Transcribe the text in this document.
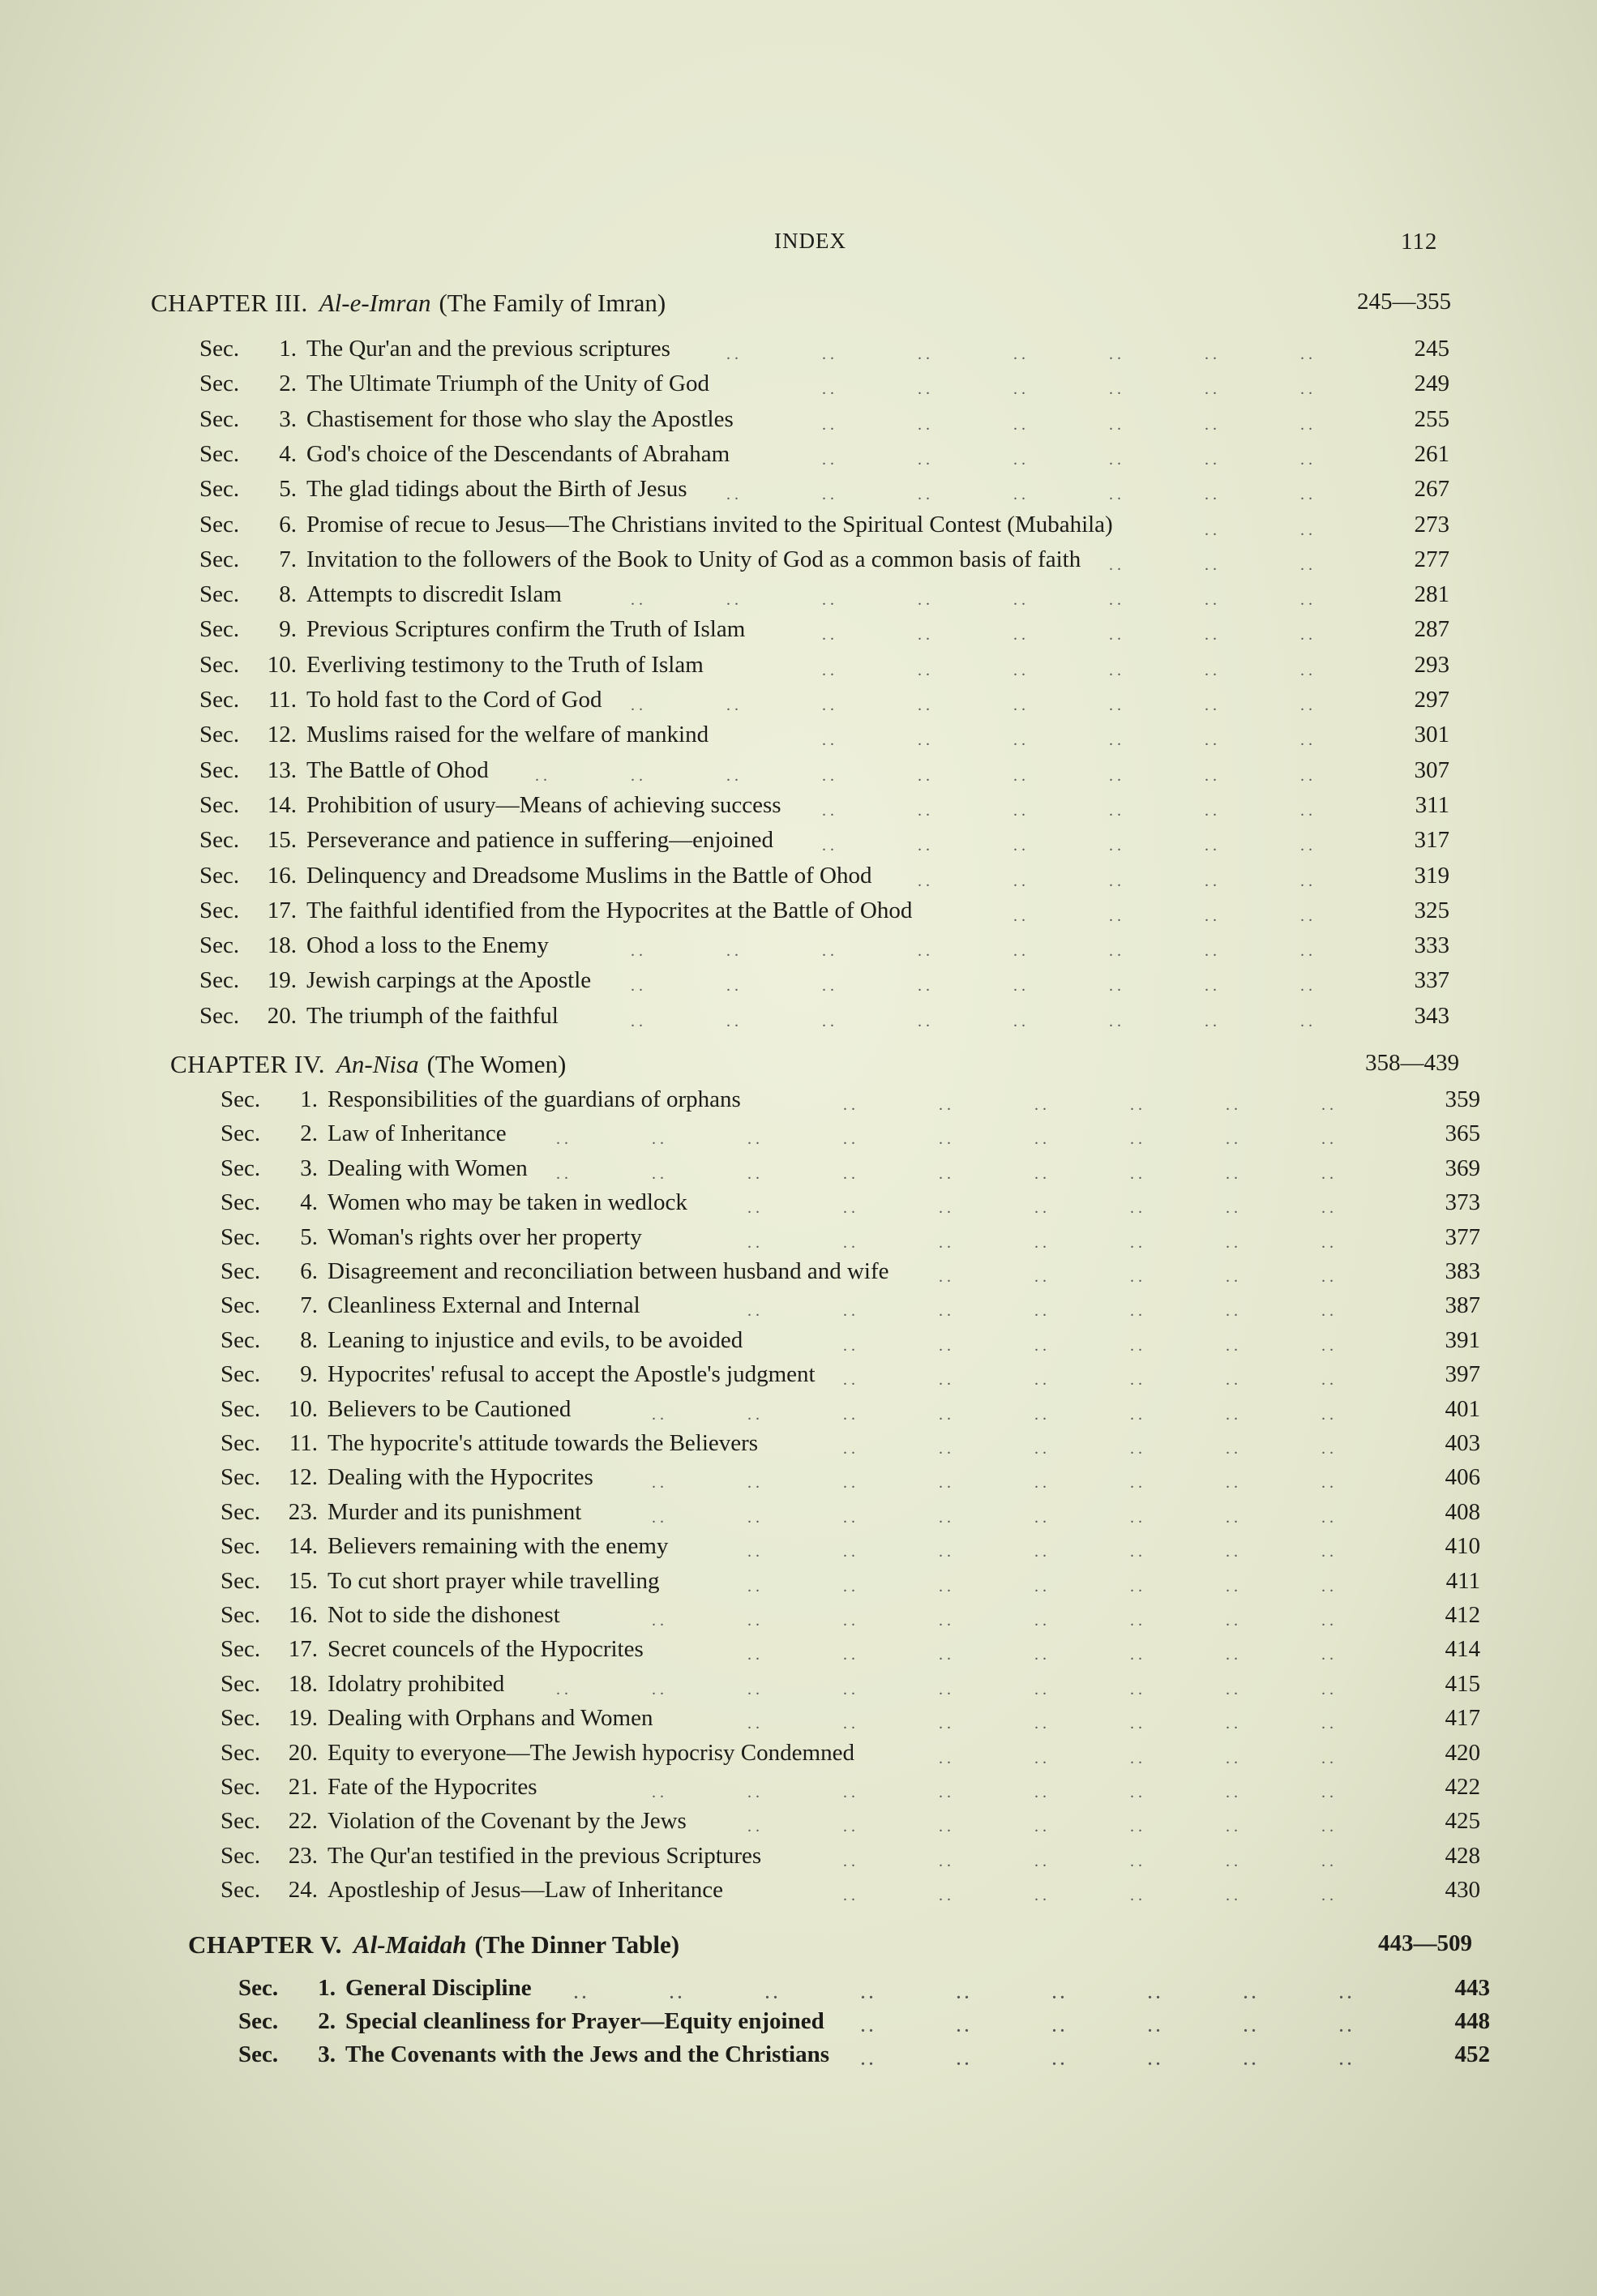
INDEX	112
CHAPTER III. Al-e-Imran (The Family of Imran)	245—355
Sec.	1. The Qur'an and the previous scriptures	245
. .	. .	. .	. .	. .	. .	. .
Sec.	2. The Ultimate Triumph of the Unity of God	249
. .	. .	. .	. .	. .	. .
Sec.	3. Chastisement for those who slay the Apostles	255
. .	. .	. .	. .	. .	. .
Sec.	4. God's choice of the Descendants of Abraham	261
. .	. .	. .	. .	. .	. .
Sec.	5. The glad tidings about the Birth of Jesus	267
. .	. .	. .	. .	. .	. .	. .
Sec.	6. Promise of recue to Jesus—The Christians invited to the Spiritual Contest (Mubahila)	273
. .	. .
Sec.	7. Invitation to the followers of the Book to Unity of God as a common basis of faith	277
. .	. .	. .
Sec.	8. Attempts to discredit Islam	281
. .	. .	. .	. .	. .	. .	. .	. .
Sec.	9. Previous Scriptures confirm the Truth of Islam	287
. .	. .	. .	. .	. .	. .
Sec. 10. Everliving testimony to the Truth of Islam	293
. .	. .	. .	. .	. .	. .
Sec. 11. To hold fast to the Cord of God	297
. .	. .	. .	. .	. .	. .	. .	. .
Sec. 12. Muslims raised for the welfare of mankind	301
. .	. .	. .	. .	. .	. .
Sec. 13. The Battle of Ohod	307
. .	. .	. .	. .	. .	. .	. .	. .	. .
Sec. 14. Prohibition of usury—Means of achieving success	311
. .	. .	. .	. .	. .	. .
Sec. 15. Perseverance and patience in suffering—enjoined	317
. .	. .	. .	. .	. .	. .
Sec. 16. Delinquency and Dreadsome Muslims in the Battle of Ohod	319
. .	. .	. .	. .	. .
Sec. 17. The faithful identified from the Hypocrites at the Battle of Ohod	325
. .	. .	. .	. .
Sec. 18. Ohod a loss to the Enemy	333
. .	. .	. .	. .	. .	. .	. .	. .
Sec. 19. Jewish carpings at the Apostle	337
. .	. .	. .	. .	. .	. .	. .	. .
Sec. 20. The triumph of the faithful	343
. .	. .	. .	. .	. .	. .	. .	. .
CHAPTER IV. An-Nisa (The Women)	358—439
Sec.	1. Responsibilities of the guardians of orphans	359
. .	. .	. .	. .	. .	. .
Sec.	2. Law of Inheritance	365
. .	. .	. .	. .	. .	. .	. .	. .	. .
Sec.	3. Dealing with Women	369
. .	. .	. .	. .	. .	. .	. .	. .	. .
Sec.	4. Women who may be taken in wedlock	373
. .	. .	. .	. .	. .	. .	. .
Sec.	5. Woman's rights over her property	377
. .	. .	. .	. .	. .	. .	. .
Sec.	6. Disagreement and reconciliation between husband and wife	383
. .	. .	. .	. .	. .
Sec.	7. Cleanliness External and Internal	387
. .	. .	. .	. .	. .	. .	. .
Sec.	8. Leaning to injustice and evils, to be avoided	391
. .	. .	. .	. .	. .	. .
Sec.	9. Hypocrites' refusal to accept the Apostle's judgment	397
. .	. .	. .	. .	. .	. .
Sec. 10. Believers to be Cautioned	401
. .	. .	. .	. .	. .	. .	. .	. .
Sec. 11. The hypocrite's attitude towards the Believers	403
. .	. .	. .	. .	. .	. .
Sec. 12. Dealing with the Hypocrites	406
. .	. .	. .	. .	. .	. .	. .	. .
Sec. 23. Murder and its punishment	408
. .	. .	. .	. .	. .	. .	. .	. .
Sec. 14. Believers remaining with the enemy	410
. .	. .	. .	. .	. .	. .	. .
Sec. 15. To cut short prayer while travelling	411
. .	. .	. .	. .	. .	. .	. .
Sec. 16. Not to side the dishonest	412
. .	. .	. .	. .	. .	. .	. .	. .
Sec. 17. Secret councels of the Hypocrites	414
. .	. .	. .	. .	. .	. .	. .
Sec. 18. Idolatry prohibited	415
. .	. .	. .	. .	. .	. .	. .	. .	. .
Sec. 19. Dealing with Orphans and Women	417
. .	. .	. .	. .	. .	. .	. .
Sec. 20. Equity to everyone—The Jewish hypocrisy Condemned	420
. .	. .	. .	. .	. .
Sec. 21. Fate of the Hypocrites	422
. .	. .	. .	. .	. .	. .	. .	. .
Sec. 22. Violation of the Covenant by the Jews	425
. .	. .	. .	. .	. .	. .	. .
Sec. 23. The Qur'an testified in the previous Scriptures	428
. .	. .	. .	. .	. .	. .
Sec. 24. Apostleship of Jesus—Law of Inheritance	430
. .	. .	. .	. .	. .	. .
CHAPTER V. Al-Maidah (The Dinner Table)	443—509
Sec.	1. General Discipline	443
. .	. .	. .	. .	. .	. .	. .	. .	. .
Sec.	2. Special cleanliness for Prayer—Equity enjoined	448
. .	. .	. .	. .	. .	. .
Sec.	3. The Covenants with the Jews and the Christians	452
. .	. .	. .	. .	. .	. .
